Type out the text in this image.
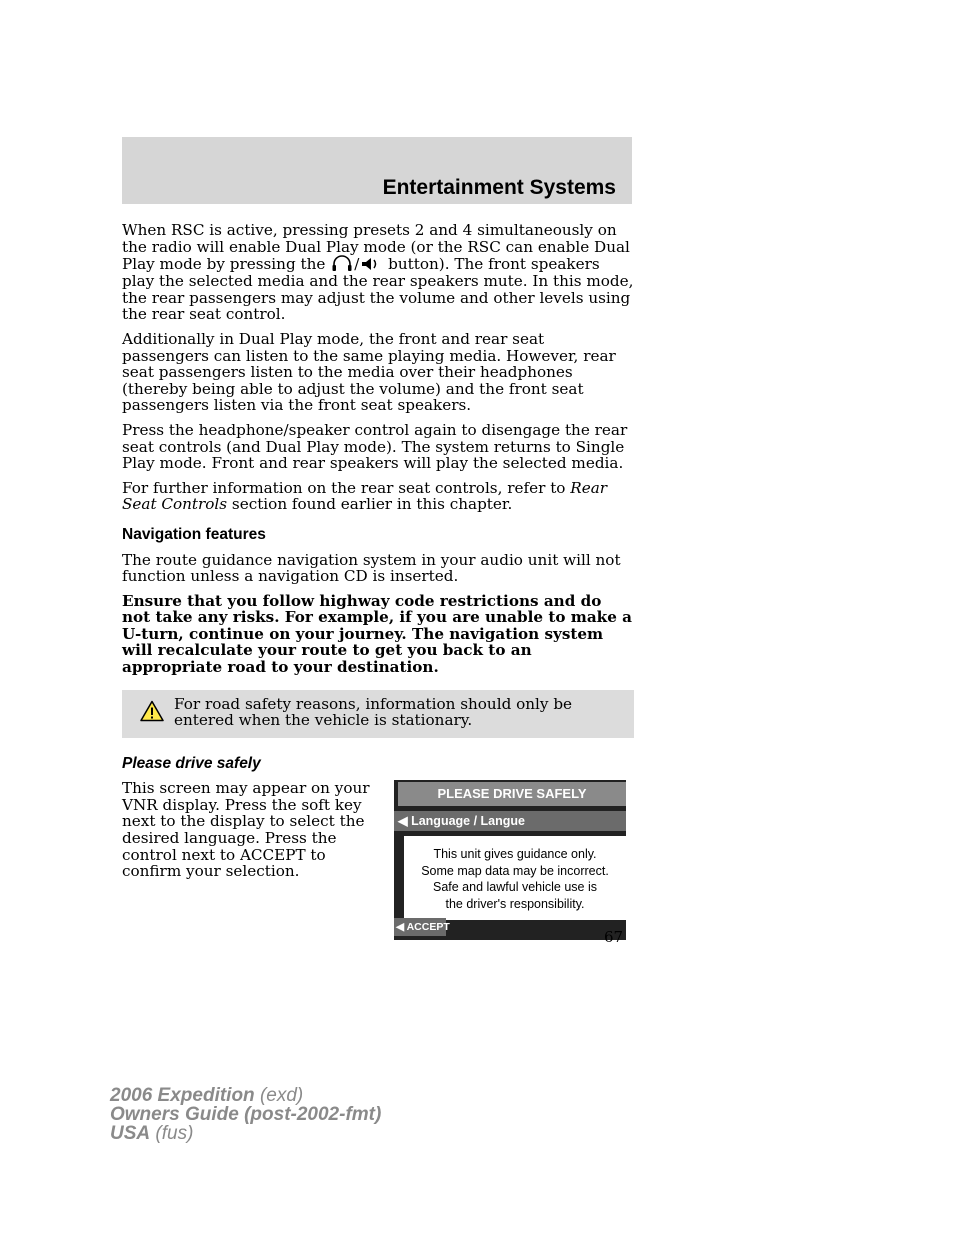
Entertainment Systems

When RSC is active, pressing presets 2 and 4 simultaneously on the radio will enable Dual Play mode (or the RSC can enable Dual Play mode by pressing the / button). The front speakers play the selected media and the rear speakers mute. In this mode, the rear passengers may adjust the volume and other levels using the rear seat control.

Additionally in Dual Play mode, the front and rear seat passengers can listen to the same playing media. However, rear seat passengers listen to the media over their headphones (thereby being able to adjust the volume) and the front seat passengers listen via the front seat speakers.

Press the headphone/speaker control again to disengage the rear seat controls (and Dual Play mode). The system returns to Single Play mode. Front and rear speakers will play the selected media.

For further information on the rear seat controls, refer to Rear Seat Controls section found earlier in this chapter.

Navigation features

The route guidance navigation system in your audio unit will not function unless a navigation CD is inserted.

Ensure that you follow highway code restrictions and do not take any risks. For example, if you are unable to make a U-turn, continue on your journey. The navigation system will recalculate your route to get you back to an appropriate road to your destination.

For road safety reasons, information should only be entered when the vehicle is stationary.
Please drive safely
This screen may appear on your VNR display. Press the soft key next to the display to select the desired language. Press the control next to ACCEPT to confirm your selection.
PLEASE DRIVE SAFELY
◀ Language / Langue
This unit gives guidance only.
Some map data may be incorrect.
Safe and lawful vehicle use is
the driver's responsibility.
◀ ACCEPT
67
2006 Expedition (exd)
Owners Guide (post-2002-fmt)
USA (fus)
